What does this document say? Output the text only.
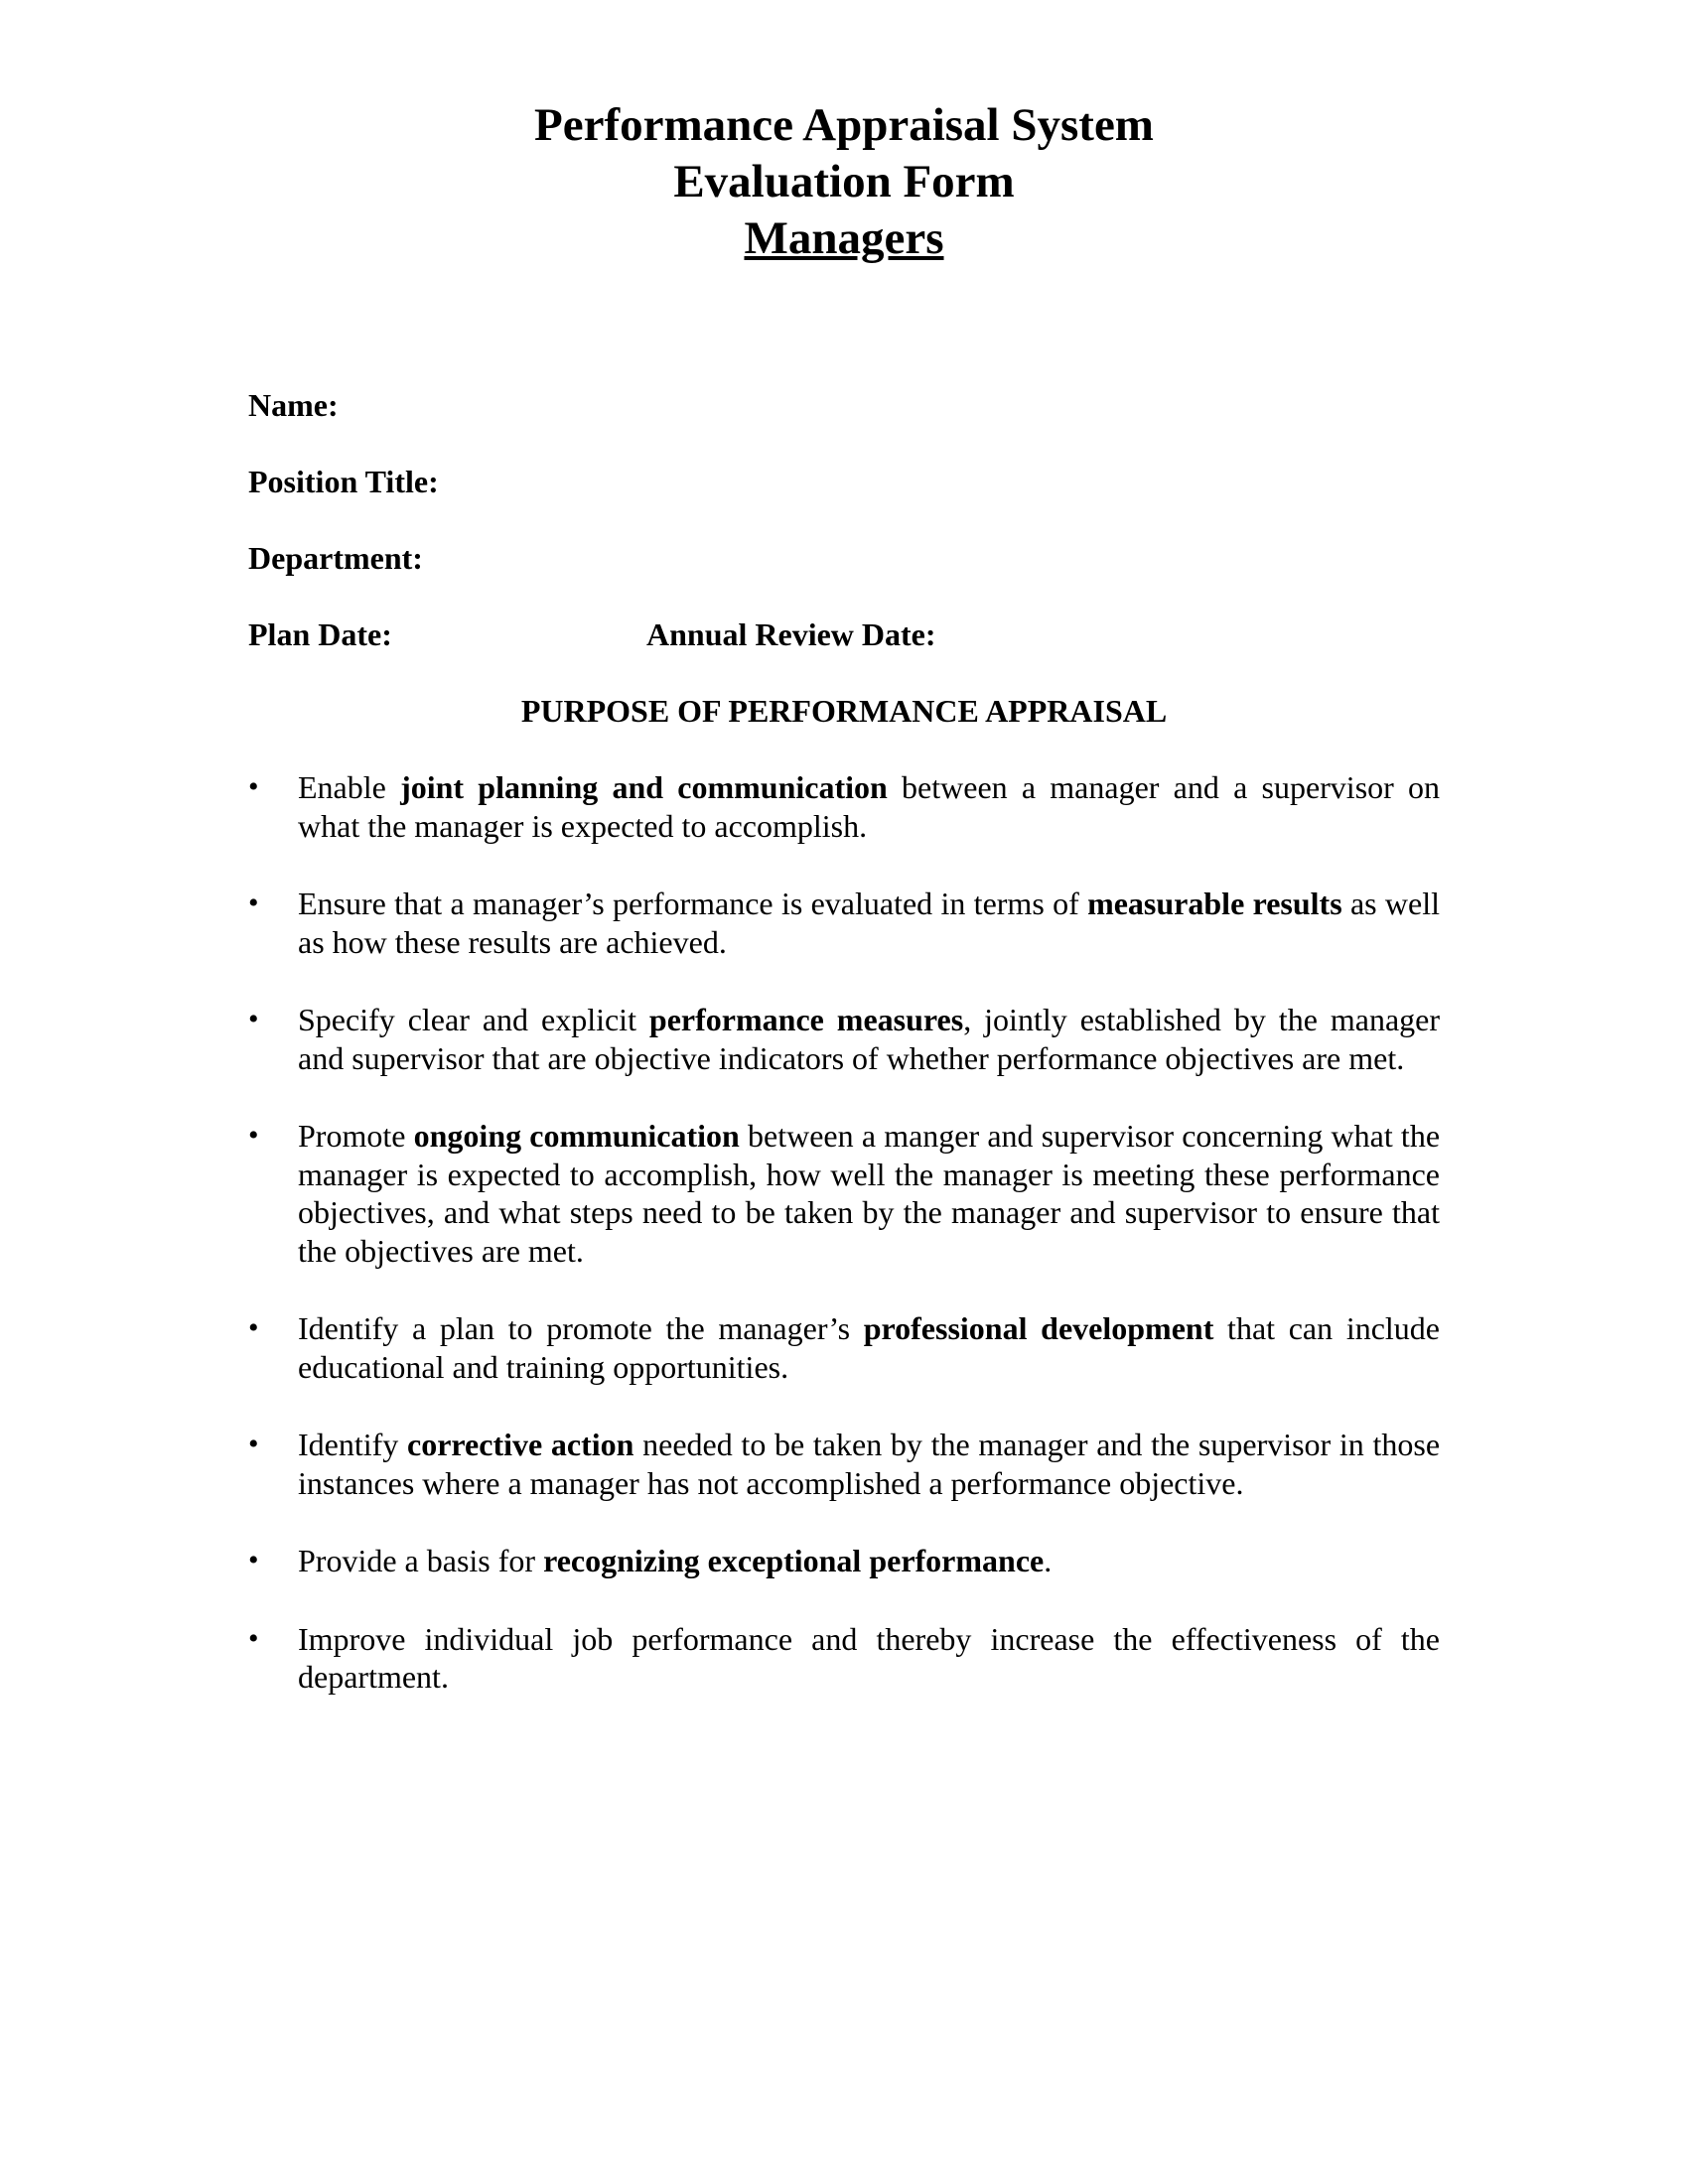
Performance Appraisal System
Evaluation Form
Managers
Name:
Position Title:
Department:
Plan Date:	Annual Review Date:
PURPOSE OF PERFORMANCE APPRAISAL
•	Enable joint planning and communication between a manager and a supervisor on what the manager is expected to accomplish.
•	Ensure that a manager’s performance is evaluated in terms of measurable results as well as how these results are achieved.
•	Specify clear and explicit performance measures, jointly established by the manager and supervisor that are objective indicators of whether performance objectives are met.
•	Promote ongoing communication between a manger and supervisor concerning what the manager is expected to accomplish, how well the manager is meeting these performance objectives, and what steps need to be taken by the manager and supervisor to ensure that the objectives are met.
•	Identify a plan to promote the manager’s professional development that can include educational and training opportunities.
•	Identify corrective action needed to be taken by the manager and the supervisor in those instances where a manager has not accomplished a performance objective.
•	Provide a basis for recognizing exceptional performance.
•	Improve individual job performance and thereby increase the effectiveness of the department.
